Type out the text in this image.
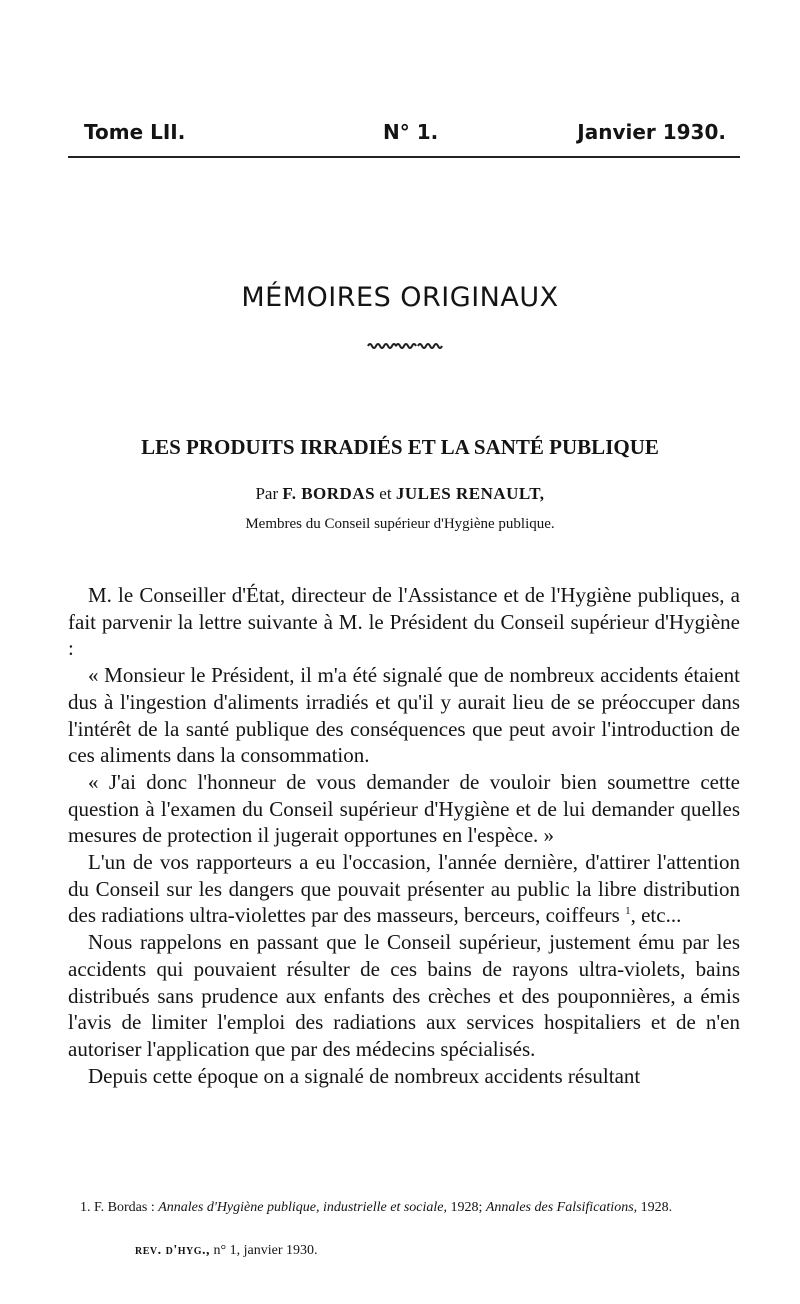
Tome LII.	N° 1.	Janvier 1930.
MÉMOIRES ORIGINAUX
LES PRODUITS IRRADIÉS ET LA SANTÉ PUBLIQUE
Par F. BORDAS et JULES RENAULT,
Membres du Conseil supérieur d'Hygiène publique.

M. le Conseiller d'État, directeur de l'Assistance et de l'Hygiène publiques, a fait parvenir la lettre suivante à M. le Président du Conseil supérieur d'Hygiène :

« Monsieur le Président, il m'a été signalé que de nombreux accidents étaient dus à l'ingestion d'aliments irradiés et qu'il y aurait lieu de se préoccuper dans l'intérêt de la santé publique des conséquences que peut avoir l'introduction de ces aliments dans la consommation.

« J'ai donc l'honneur de vous demander de vouloir bien soumettre cette question à l'examen du Conseil supérieur d'Hygiène et de lui demander quelles mesures de protection il jugerait opportunes en l'espèce. »

L'un de vos rapporteurs a eu l'occasion, l'année dernière, d'attirer l'attention du Conseil sur les dangers que pouvait présenter au public la libre distribution des radiations ultra-violettes par des masseurs, berceurs, coiffeurs $^1$, etc...

Nous rappelons en passant que le Conseil supérieur, justement ému par les accidents qui pouvaient résulter de ces bains de rayons ultra-violets, bains distribués sans prudence aux enfants des crèches et des pouponnières, a émis l'avis de limiter l'emploi des radiations aux services hospitaliers et de n'en autoriser l'application que par des médecins spécialisés.

Depuis cette époque on a signalé de nombreux accidents résultant

1. F. Bordas : Annales d'Hygiène publique, industrielle et sociale, 1928; Annales des Falsifications, 1928.
rev. d'hyg., n° 1, janvier 1930.
